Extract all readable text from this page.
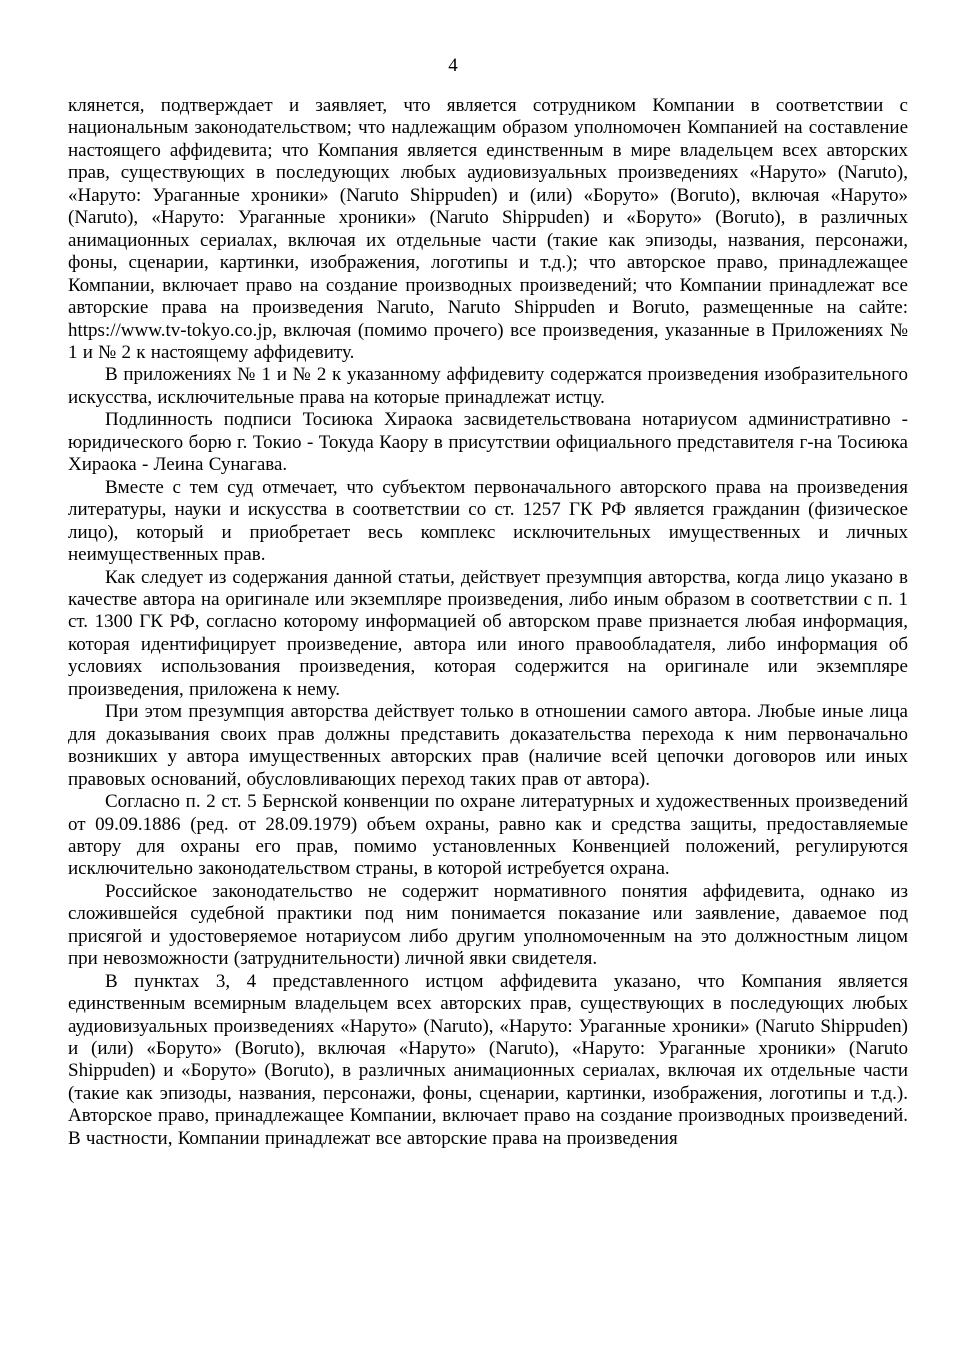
4

клянется, подтверждает и заявляет, что является сотрудником Компании в соответствии с национальным законодательством; что надлежащим образом уполномочен Компанией на составление настоящего аффидевита; что Компания является единственным в мире владельцем всех авторских прав, существующих в последующих любых аудиовизуальных произведениях «Наруто» (Naruto), «Наруто: Ураганные хроники» (Naruto Shippuden) и (или) «Боруто» (Boruto), включая «Наруто» (Naruto), «Наруто: Ураганные хроники» (Naruto Shippuden) и «Боруто» (Boruto), в различных анимационных сериалах, включая их отдельные части (такие как эпизоды, названия, персонажи, фоны, сценарии, картинки, изображения, логотипы и т.д.); что авторское право, принадлежащее Компании, включает право на создание производных произведений; что Компании принадлежат все авторские права на произведения Naruto, Naruto Shippuden и Boruto, размещенные на сайте: https://www.tv-tokyo.co.jp, включая (помимо прочего) все произведения, указанные в Приложениях № 1 и № 2 к настоящему аффидевиту.

В приложениях № 1 и № 2 к указанному аффидевиту содержатся произведения изобразительного искусства, исключительные права на которые принадлежат истцу.

Подлинность подписи Тосиюка Хираока засвидетельствована нотариусом административно - юридического борю г. Токио - Токуда Каору в присутствии официального представителя г-на Тосиюка Хираока - Леина Сунагава.

Вместе с тем суд отмечает, что субъектом первоначального авторского права на произведения литературы, науки и искусства в соответствии со ст. 1257 ГК РФ является гражданин (физическое лицо), который и приобретает весь комплекс исключительных имущественных и личных неимущественных прав.

Как следует из содержания данной статьи, действует презумпция авторства, когда лицо указано в качестве автора на оригинале или экземпляре произведения, либо иным образом в соответствии с п. 1 ст. 1300 ГК РФ, согласно которому информацией об авторском праве признается любая информация, которая идентифицирует произведение, автора или иного правообладателя, либо информация об условиях использования произведения, которая содержится на оригинале или экземпляре произведения, приложена к нему.

При этом презумпция авторства действует только в отношении самого автора. Любые иные лица для доказывания своих прав должны представить доказательства перехода к ним первоначально возникших у автора имущественных авторских прав (наличие всей цепочки договоров или иных правовых оснований, обусловливающих переход таких прав от автора).

Согласно п. 2 ст. 5 Бернской конвенции по охране литературных и художественных произведений от 09.09.1886 (ред. от 28.09.1979) объем охраны, равно как и средства защиты, предоставляемые автору для охраны его прав, помимо установленных Конвенцией положений, регулируются исключительно законодательством страны, в которой истребуется охрана.

Российское законодательство не содержит нормативного понятия аффидевита, однако из сложившейся судебной практики под ним понимается показание или заявление, даваемое под присягой и удостоверяемое нотариусом либо другим уполномоченным на это должностным лицом при невозможности (затруднительности) личной явки свидетеля.

В пунктах 3, 4 представленного истцом аффидевита указано, что Компания является единственным всемирным владельцем всех авторских прав, существующих в последующих любых аудиовизуальных произведениях «Наруто» (Naruto), «Наруто: Ураганные хроники» (Naruto Shippuden) и (или) «Боруто» (Boruto), включая «Наруто» (Naruto), «Наруто: Ураганные хроники» (Naruto Shippuden) и «Боруто» (Boruto), в различных анимационных сериалах, включая их отдельные части (такие как эпизоды, названия, персонажи, фоны, сценарии, картинки, изображения, логотипы и т.д.). Авторское право, принадлежащее Компании, включает право на создание производных произведений. В частности, Компании принадлежат все авторские права на произведения
